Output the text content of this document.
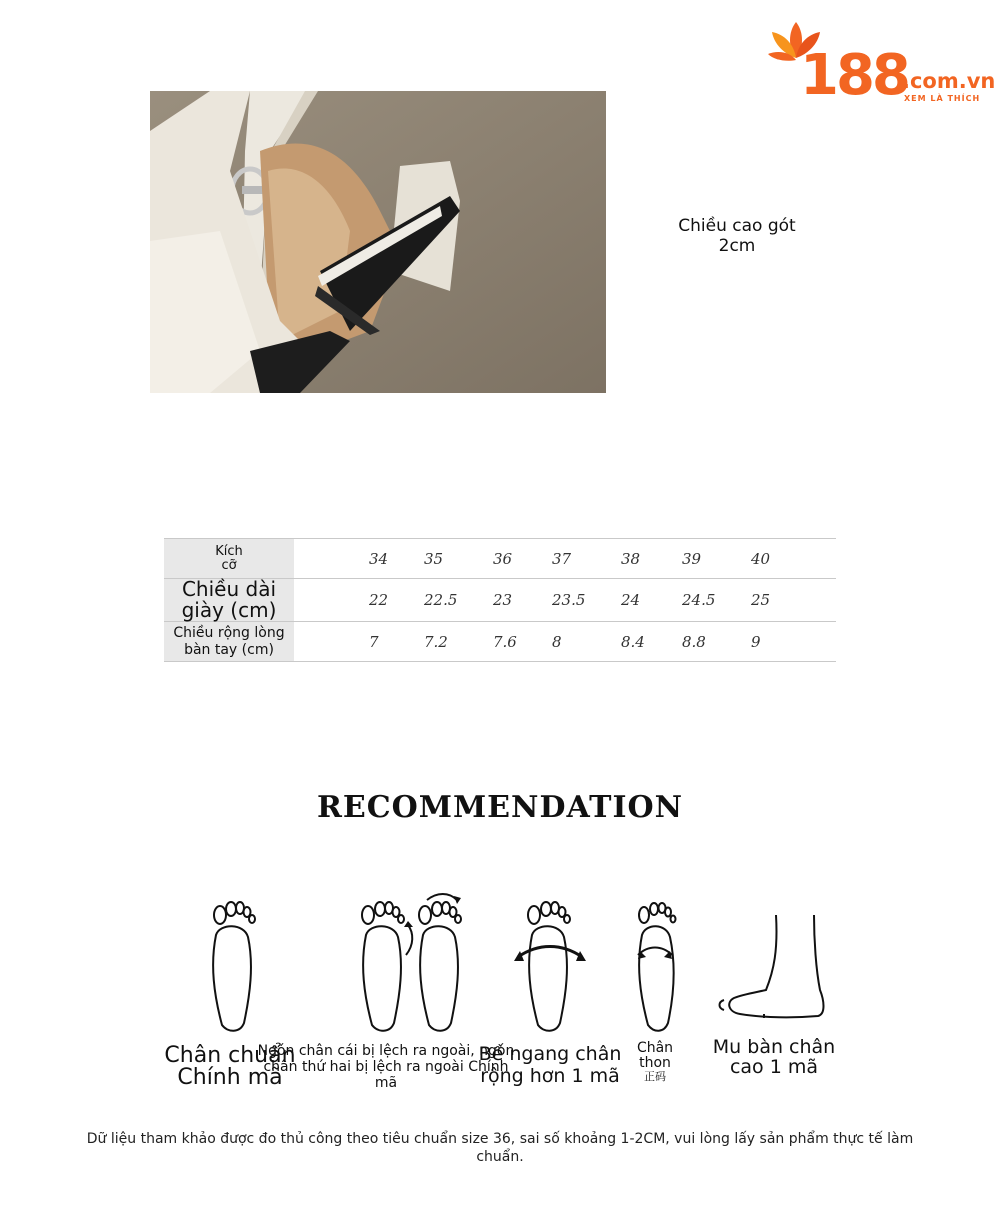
188
.com.vn
XEM LÀ THÍCH
Chiều cao gót
2cm
Kích
cỡ		34	35	36	37	38	39	40

Chiều dài
giày (cm)		22	22.5	23	23.5	24	24.5	25

Chiều rộng lòng
bàn tay (cm)		7	7.2	7.6	8	8.4	8.8	9
RECOMMENDATION
Chân chuẩn
Chính mã
Ngón chân cái bị lệch ra ngoài, ngón
chân thứ hai bị lệch ra ngoài Chính
mã
Bề ngang chân
rộng hơn 1 mã
Chân
thon
正码
Mu bàn chân
cao 1 mã
Dữ liệu tham khảo được đo thủ công theo tiêu chuẩn size 36, sai số khoảng 1-2CM, vui lòng lấy sản phẩm thực tế làm chuẩn.
